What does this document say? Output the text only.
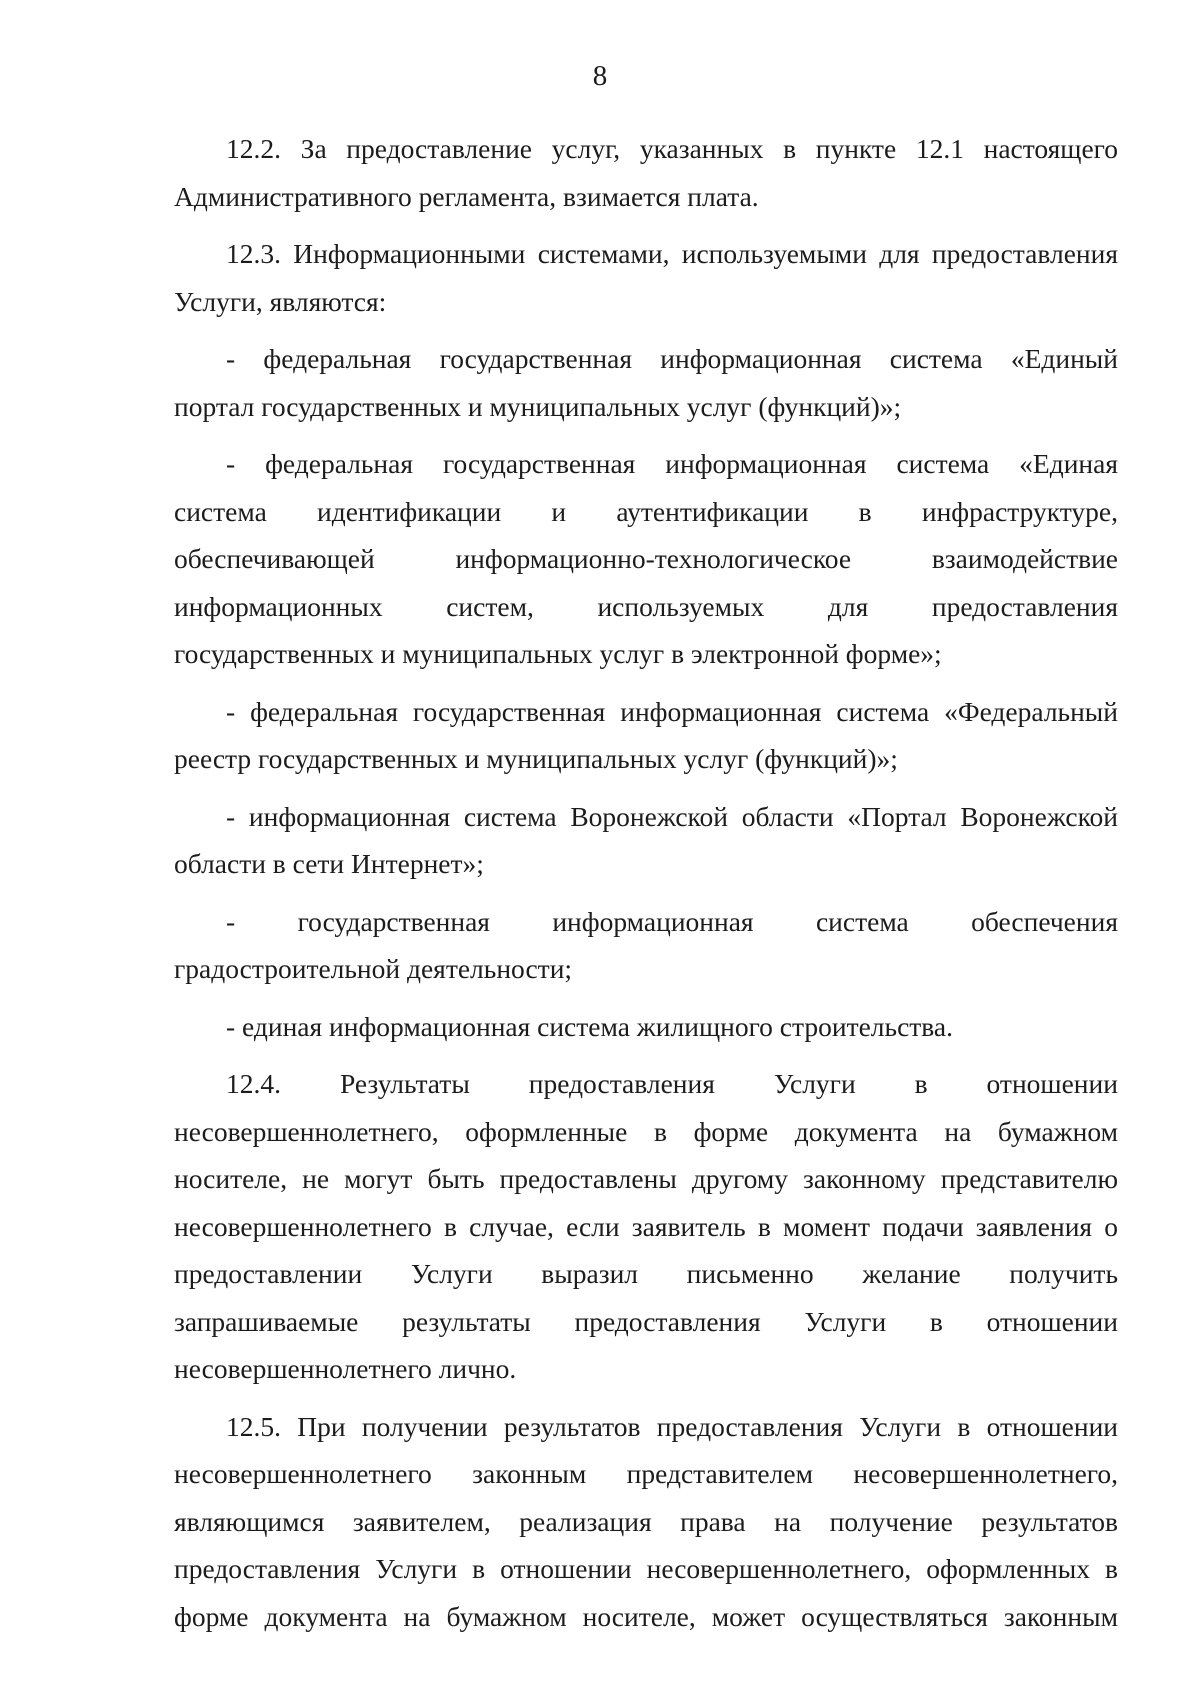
8
12.2. За предоставление услуг, указанных в пункте 12.1 настоящего
Административного регламента, взимается плата.
12.3. Информационными системами, используемыми для предоставления
Услуги, являются:
- федеральная государственная информационная система «Единый
портал государственных и муниципальных услуг (функций)»;
- федеральная государственная информационная система «Единая
система идентификации и аутентификации в инфраструктуре,
обеспечивающей информационно-технологическое взаимодействие
информационных систем, используемых для предоставления
государственных и муниципальных услуг в электронной форме»;
- федеральная государственная информационная система «Федеральный
реестр государственных и муниципальных услуг (функций)»;
- информационная система Воронежской области «Портал Воронежской
области в сети Интернет»;
- государственная информационная система обеспечения
градостроительной деятельности;
- единая информационная система жилищного строительства.
12.4. Результаты предоставления Услуги в отношении
несовершеннолетнего, оформленные в форме документа на бумажном
носителе, не могут быть предоставлены другому законному представителю
несовершеннолетнего в случае, если заявитель в момент подачи заявления о
предоставлении Услуги выразил письменно желание получить
запрашиваемые результаты предоставления Услуги в отношении
несовершеннолетнего лично.
12.5. При получении результатов предоставления Услуги в отношении
несовершеннолетнего законным представителем несовершеннолетнего,
являющимся заявителем, реализация права на получение результатов
предоставления Услуги в отношении несовершеннолетнего, оформленных в
форме документа на бумажном носителе, может осуществляться законным
